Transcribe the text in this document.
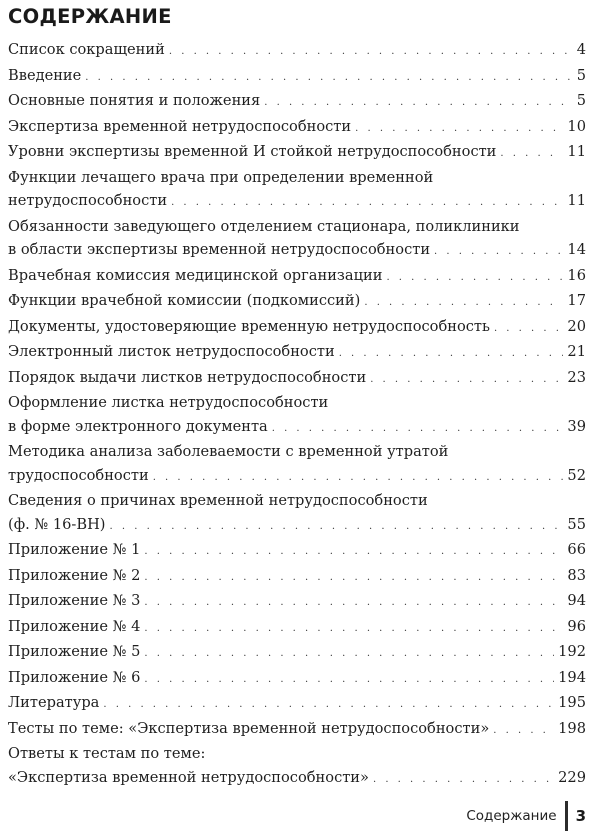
СОДЕРЖАНИЕ
Список сокращений . . .	4
Введение . . .	5
Основные понятия и положения . . .	5
Экспертиза временной нетрудоспособности . . .	10
Уровни экспертизы временной И стойкой нетрудоспособности . . .	11
Функции лечащего врача при определении временной
нетрудоспособности . . .	11
Обязанности заведующего отделением стационара, поликлиники
в области экспертизы временной нетрудоспособности . . .	14
Врачебная комиссия медицинской организации . . .	16
Функции врачебной комиссии (подкомиссий) . . .	17
Документы, удостоверяющие временную нетрудоспособность . . .	20
Электронный листок нетрудоспособности . . .	21
Порядок выдачи листков нетрудоспособности . . .	23
Оформление листка нетрудоспособности
в форме электронного документа . . .	39
Методика анализа заболеваемости с временной утратой
трудоспособности . . .	52
Сведения о причинах временной нетрудоспособности
(ф. № 16-ВН) . . .	55
Приложение № 1 . . .	66
Приложение № 2 . . .	83
Приложение № 3 . . .	94
Приложение № 4 . . .	96
Приложение № 5 . . .	192
Приложение № 6 . . .	194
Литература . . .	195
Тесты по теме: «Экспертиза временной нетрудоспособности» . . .	198
Ответы к тестам по теме:
«Экспертиза временной нетрудоспособности» . . .	229
Содержание	3
